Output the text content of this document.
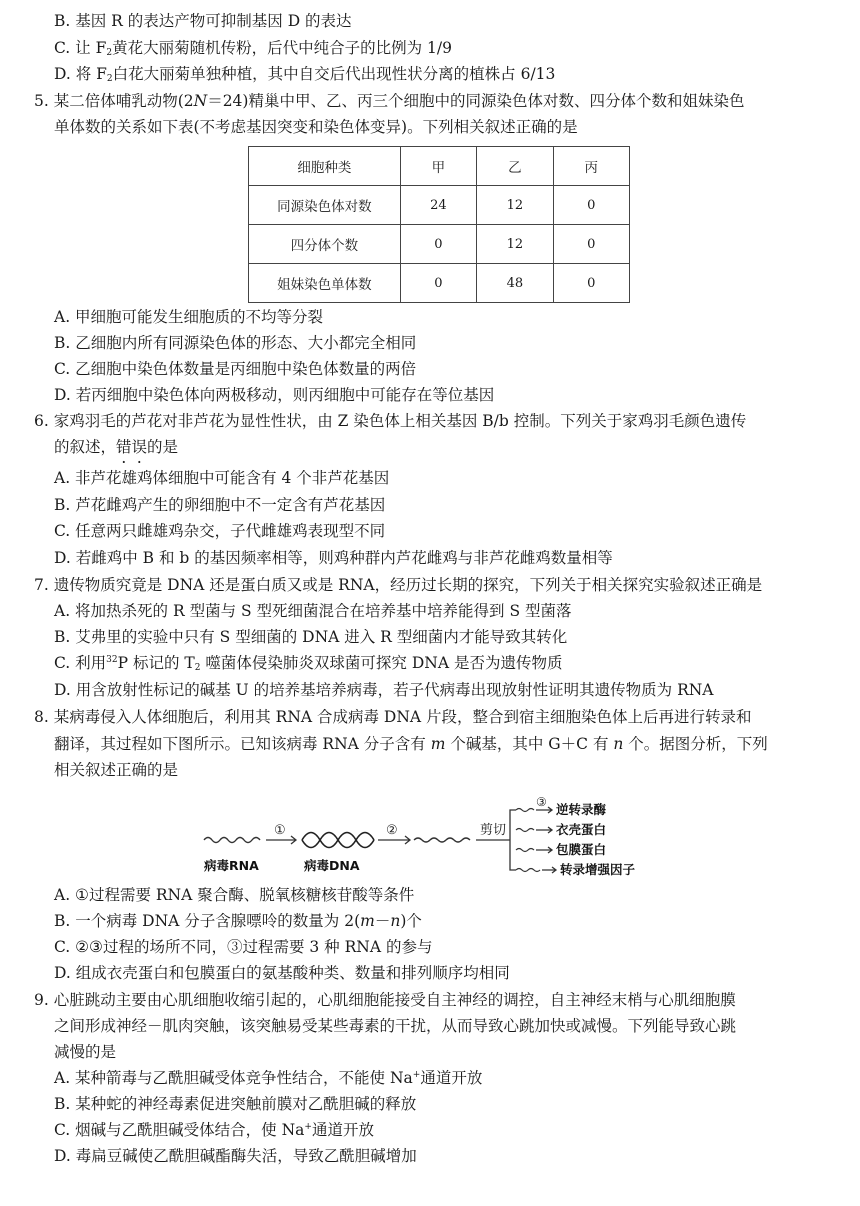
B. 基因 R 的表达产物可抑制基因 D 的表达
C. 让 $F_2$黄花大丽菊随机传粉，后代中纯合子的比例为 1/9
D. 将 $F_2$白花大丽菊单独种植，其中自交后代出现性状分离的植株占 6/13
5. 某二倍体哺乳动物(2N＝24)精巢中甲、乙、丙三个细胞中的同源染色体对数、四分体个数和姐妹染色
单体数的关系如下表(不考虑基因突变和染色体变异)。下列相关叙述正确的是
细胞种类	甲	乙	丙
同源染色体对数	24	12	0
四分体个数	0	12	0
姐妹染色单体数	0	48	0
A. 甲细胞可能发生细胞质的不均等分裂
B. 乙细胞内所有同源染色体的形态、大小都完全相同
C. 乙细胞中染色体数量是丙细胞中染色体数量的两倍
D. 若丙细胞中染色体向两极移动，则丙细胞中可能存在等位基因
6. 家鸡羽毛的芦花对非芦花为显性性状，由 Z 染色体上相关基因 B/b 控制。下列关于家鸡羽毛颜色遗传
的叙述，错误的是
A. 非芦花雄鸡体细胞中可能含有 4 个非芦花基因
B. 芦花雌鸡产生的卵细胞中不一定含有芦花基因
C. 任意两只雌雄鸡杂交，子代雌雄鸡表现型不同
D. 若雌鸡中 B 和 b 的基因频率相等，则鸡种群内芦花雌鸡与非芦花雌鸡数量相等
7. 遗传物质究竟是 DNA 还是蛋白质又或是 RNA，经历过长期的探究，下列关于相关探究实验叙述正确是
A. 将加热杀死的 R 型菌与 S 型死细菌混合在培养基中培养能得到 S 型菌落
B. 艾弗里的实验中只有 S 型细菌的 DNA 进入 R 型细菌内才能导致其转化
C. 利用$^{32}$P 标记的 $T_2$ 噬菌体侵染肺炎双球菌可探究 DNA 是否为遗传物质
D. 用含放射性标记的碱基 U 的培养基培养病毒，若子代病毒出现放射性证明其遗传物质为 RNA
8. 某病毒侵入人体细胞后，利用其 RNA 合成病毒 DNA 片段，整合到宿主细胞染色体上后再进行转录和
翻译，其过程如下图所示。已知该病毒 RNA 分子含有 m 个碱基，其中 G＋C 有 n 个。据图分析，下列
相关叙述正确的是
①	②	剪切
③ 逆转录酶
衣壳蛋白
包膜蛋白
转录增强因子
病毒RNA	病毒DNA
A. ①过程需要 RNA 聚合酶、脱氧核糖核苷酸等条件
B. 一个病毒 DNA 分子含腺嘌呤的数量为 2(m－n)个
C. ②③过程的场所不同，③过程需要 3 种 RNA 的参与
D. 组成衣壳蛋白和包膜蛋白的氨基酸种类、数量和排列顺序均相同
9. 心脏跳动主要由心肌细胞收缩引起的，心肌细胞能接受自主神经的调控，自主神经末梢与心肌细胞膜
之间形成神经－肌肉突触，该突触易受某些毒素的干扰，从而导致心跳加快或减慢。下列能导致心跳
减慢的是
A. 某种箭毒与乙酰胆碱受体竞争性结合，不能使 Na+通道开放
B. 某种蛇的神经毒素促进突触前膜对乙酰胆碱的释放
C. 烟碱与乙酰胆碱受体结合，使 Na+通道开放
D. 毒扁豆碱使乙酰胆碱酯酶失活，导致乙酰胆碱增加
